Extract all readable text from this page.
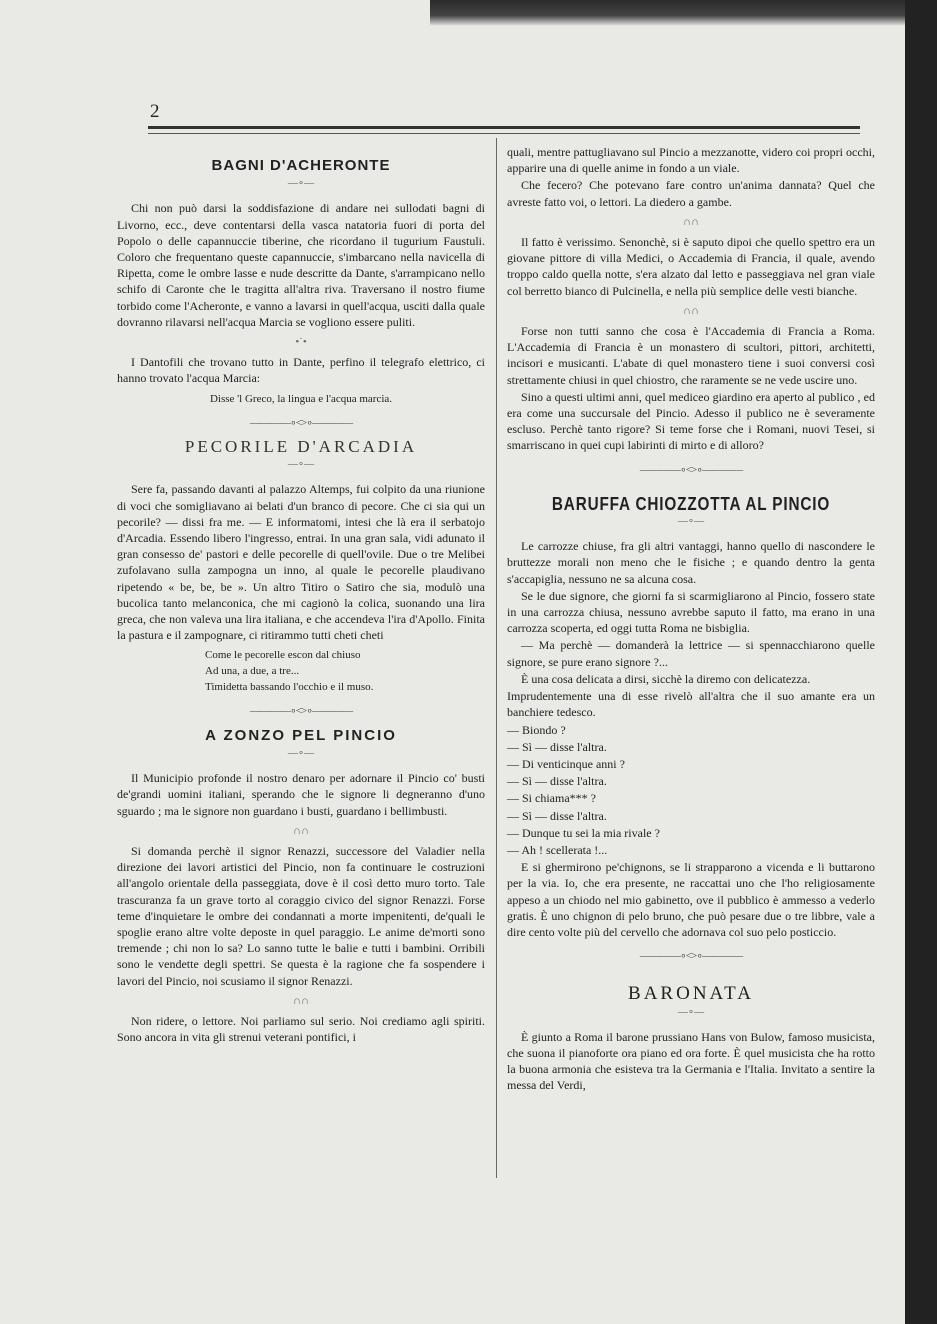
2
BAGNI D'ACHERONTE
—∘—

Chi non può darsi la soddisfazione di andare nei sullodati bagni di Livorno, ecc., deve contentarsi della vasca natatoria fuori di porta del Popolo o delle capannuccie tiberine, che ricordano il tugurium Faustuli. Coloro che frequentano queste capannuccie, s'imbarcano nella navicella di Ripetta, come le ombre lasse e nude descritte da Dante, s'arrampicano nello schifo di Caronte che le tragitta all'altra riva. Traversano il nostro fiume torbido come l'Acheronte, e vanno a lavarsi in quell'acqua, usciti dalla quale dovranno rilavarsi nell'acqua Marcia se vogliono essere puliti.

•˙•

I Dantofili che trovano tutto in Dante, perfino il telegrafo elettrico, ci hanno trovato l'acqua Marcia:

Disse 'l Greco, la lingua e l'acqua marcia.
————∘<>∘————
PECORILE D'ARCADIA
—∘—

Sere fa, passando davanti al palazzo Altemps, fui colpito da una riunione di voci che somigliavano ai belati d'un branco di pecore. Che ci sia qui un pecorile? — dissi fra me. — E informatomi, intesi che là era il serbatojo d'Arcadia. Essendo libero l'ingresso, entrai. In una gran sala, vidi adunato il gran consesso de' pastori e delle pecorelle di quell'ovile. Due o tre Melibei zufolavano sulla zampogna un inno, al quale le pecorelle plaudivano ripetendo « be, be, be ». Un altro Titiro o Satiro che sia, modulò una bucolica tanto melanconica, che mi cagionò la colica, suonando una lira greca, che non valeva una lira italiana, e che accendeva l'ira d'Apollo. Finita la pastura e il zampognare, ci ritirammo tutti cheti cheti

Come le pecorelle escon dal chiuso
Ad una, a due, a tre...
Timidetta bassando l'occhio e il muso.
————∘<>∘————
A ZONZO PEL PINCIO
—∘—

Il Municipio profonde il nostro denaro per adornare il Pincio co' busti de'grandi uomini italiani, sperando che le signore li degneranno d'uno sguardo ; ma le signore non guardano i busti, guardano i bellimbusti.

∩∩

Si domanda perchè il signor Renazzi, successore del Valadier nella direzione dei lavori artistici del Pincio, non fa continuare le costruzioni all'angolo orientale della passeggiata, dove è il così detto muro torto. Tale trascuranza fa un grave torto al coraggio civico del signor Renazzi. Forse teme d'inquietare le ombre dei condannati a morte impenitenti, de'quali le spoglie erano altre volte deposte in quel paraggio. Le anime de'morti sono tremende ; chi non lo sa? Lo sanno tutte le balie e tutti i bambini. Orribili sono le vendette degli spettri. Se questa è la ragione che fa sospendere i lavori del Pincio, noi scusiamo il signor Renazzi.

∩∩

Non ridere, o lettore. Noi parliamo sul serio. Noi crediamo agli spiriti. Sono ancora in vita gli strenui veterani pontifici, i

quali, mentre pattugliavano sul Pincio a mezzanotte, videro coi propri occhi, apparire una di quelle anime in fondo a un viale.

Che fecero? Che potevano fare contro un'anima dannata? Quel che avreste fatto voi, o lettori. La diedero a gambe.

∩∩

Il fatto è verissimo. Senonchè, si è saputo dipoi che quello spettro era un giovane pittore di villa Medici, o Accademia di Francia, il quale, avendo troppo caldo quella notte, s'era alzato dal letto e passeggiava nel gran viale col berretto bianco di Pulcinella, e nella più semplice delle vesti bianche.

∩∩

Forse non tutti sanno che cosa è l'Accademia di Francia a Roma. L'Accademia di Francia è un monastero di scultori, pittori, architetti, incisori e musicanti. L'abate di quel monastero tiene i suoi conversi così strettamente chiusi in quel chiostro, che raramente se ne vede uscire uno.

Sino a questi ultimi anni, quel mediceo giardino era aperto al publico , ed era come una succursale del Pincio. Adesso il publico ne è severamente escluso. Perchè tanto rigore? Si teme forse che i Romani, nuovi Tesei, si smarriscano in quei cupi labirinti di mirto e di alloro?

————∘<>∘————
BARUFFA CHIOZZOTTA AL PINCIO
—∘—

Le carrozze chiuse, fra gli altri vantaggi, hanno quello di nascondere le bruttezze morali non meno che le fisiche ; e quando dentro la genta s'accapiglia, nessuno ne sa alcuna cosa.

Se le due signore, che giorni fa si scarmigliarono al Pincio, fossero state in una carrozza chiusa, nessuno avrebbe saputo il fatto, ma erano in una carrozza scoperta, ed oggi tutta Roma ne bisbiglia.

— Ma perchè — domanderà la lettrice — si spennacchiarono quelle signore, se pure erano signore ?...

È una cosa delicata a dirsi, sicchè la diremo con delicatezza.

Imprudentemente una di esse rivelò all'altra che il suo amante era un banchiere tedesco.

— Biondo ?

— Sì — disse l'altra.

— Di venticinque anni ?

— Sì — disse l'altra.

— Si chiama*** ?

— Sì — disse l'altra.

— Dunque tu sei la mia rivale ?

— Ah ! scellerata !...

E si ghermirono pe'chignons, se li strapparono a vicenda e li buttarono per la via. Io, che era presente, ne raccattai uno che l'ho religiosamente appeso a un chiodo nel mio gabinetto, ove il pubblico è ammesso a vederlo gratis. È uno chignon di pelo bruno, che può pesare due o tre libbre, vale a dire cento volte più del cervello che adornava col suo pelo posticcio.

————∘<>∘————
BARONATA
—∘—

È giunto a Roma il barone prussiano Hans von Bulow, famoso musicista, che suona il pianoforte ora piano ed ora forte. È quel musicista che ha rotto la buona armonia che esisteva tra la Germania e l'Italia. Invitato a sentire la messa del Verdi,
